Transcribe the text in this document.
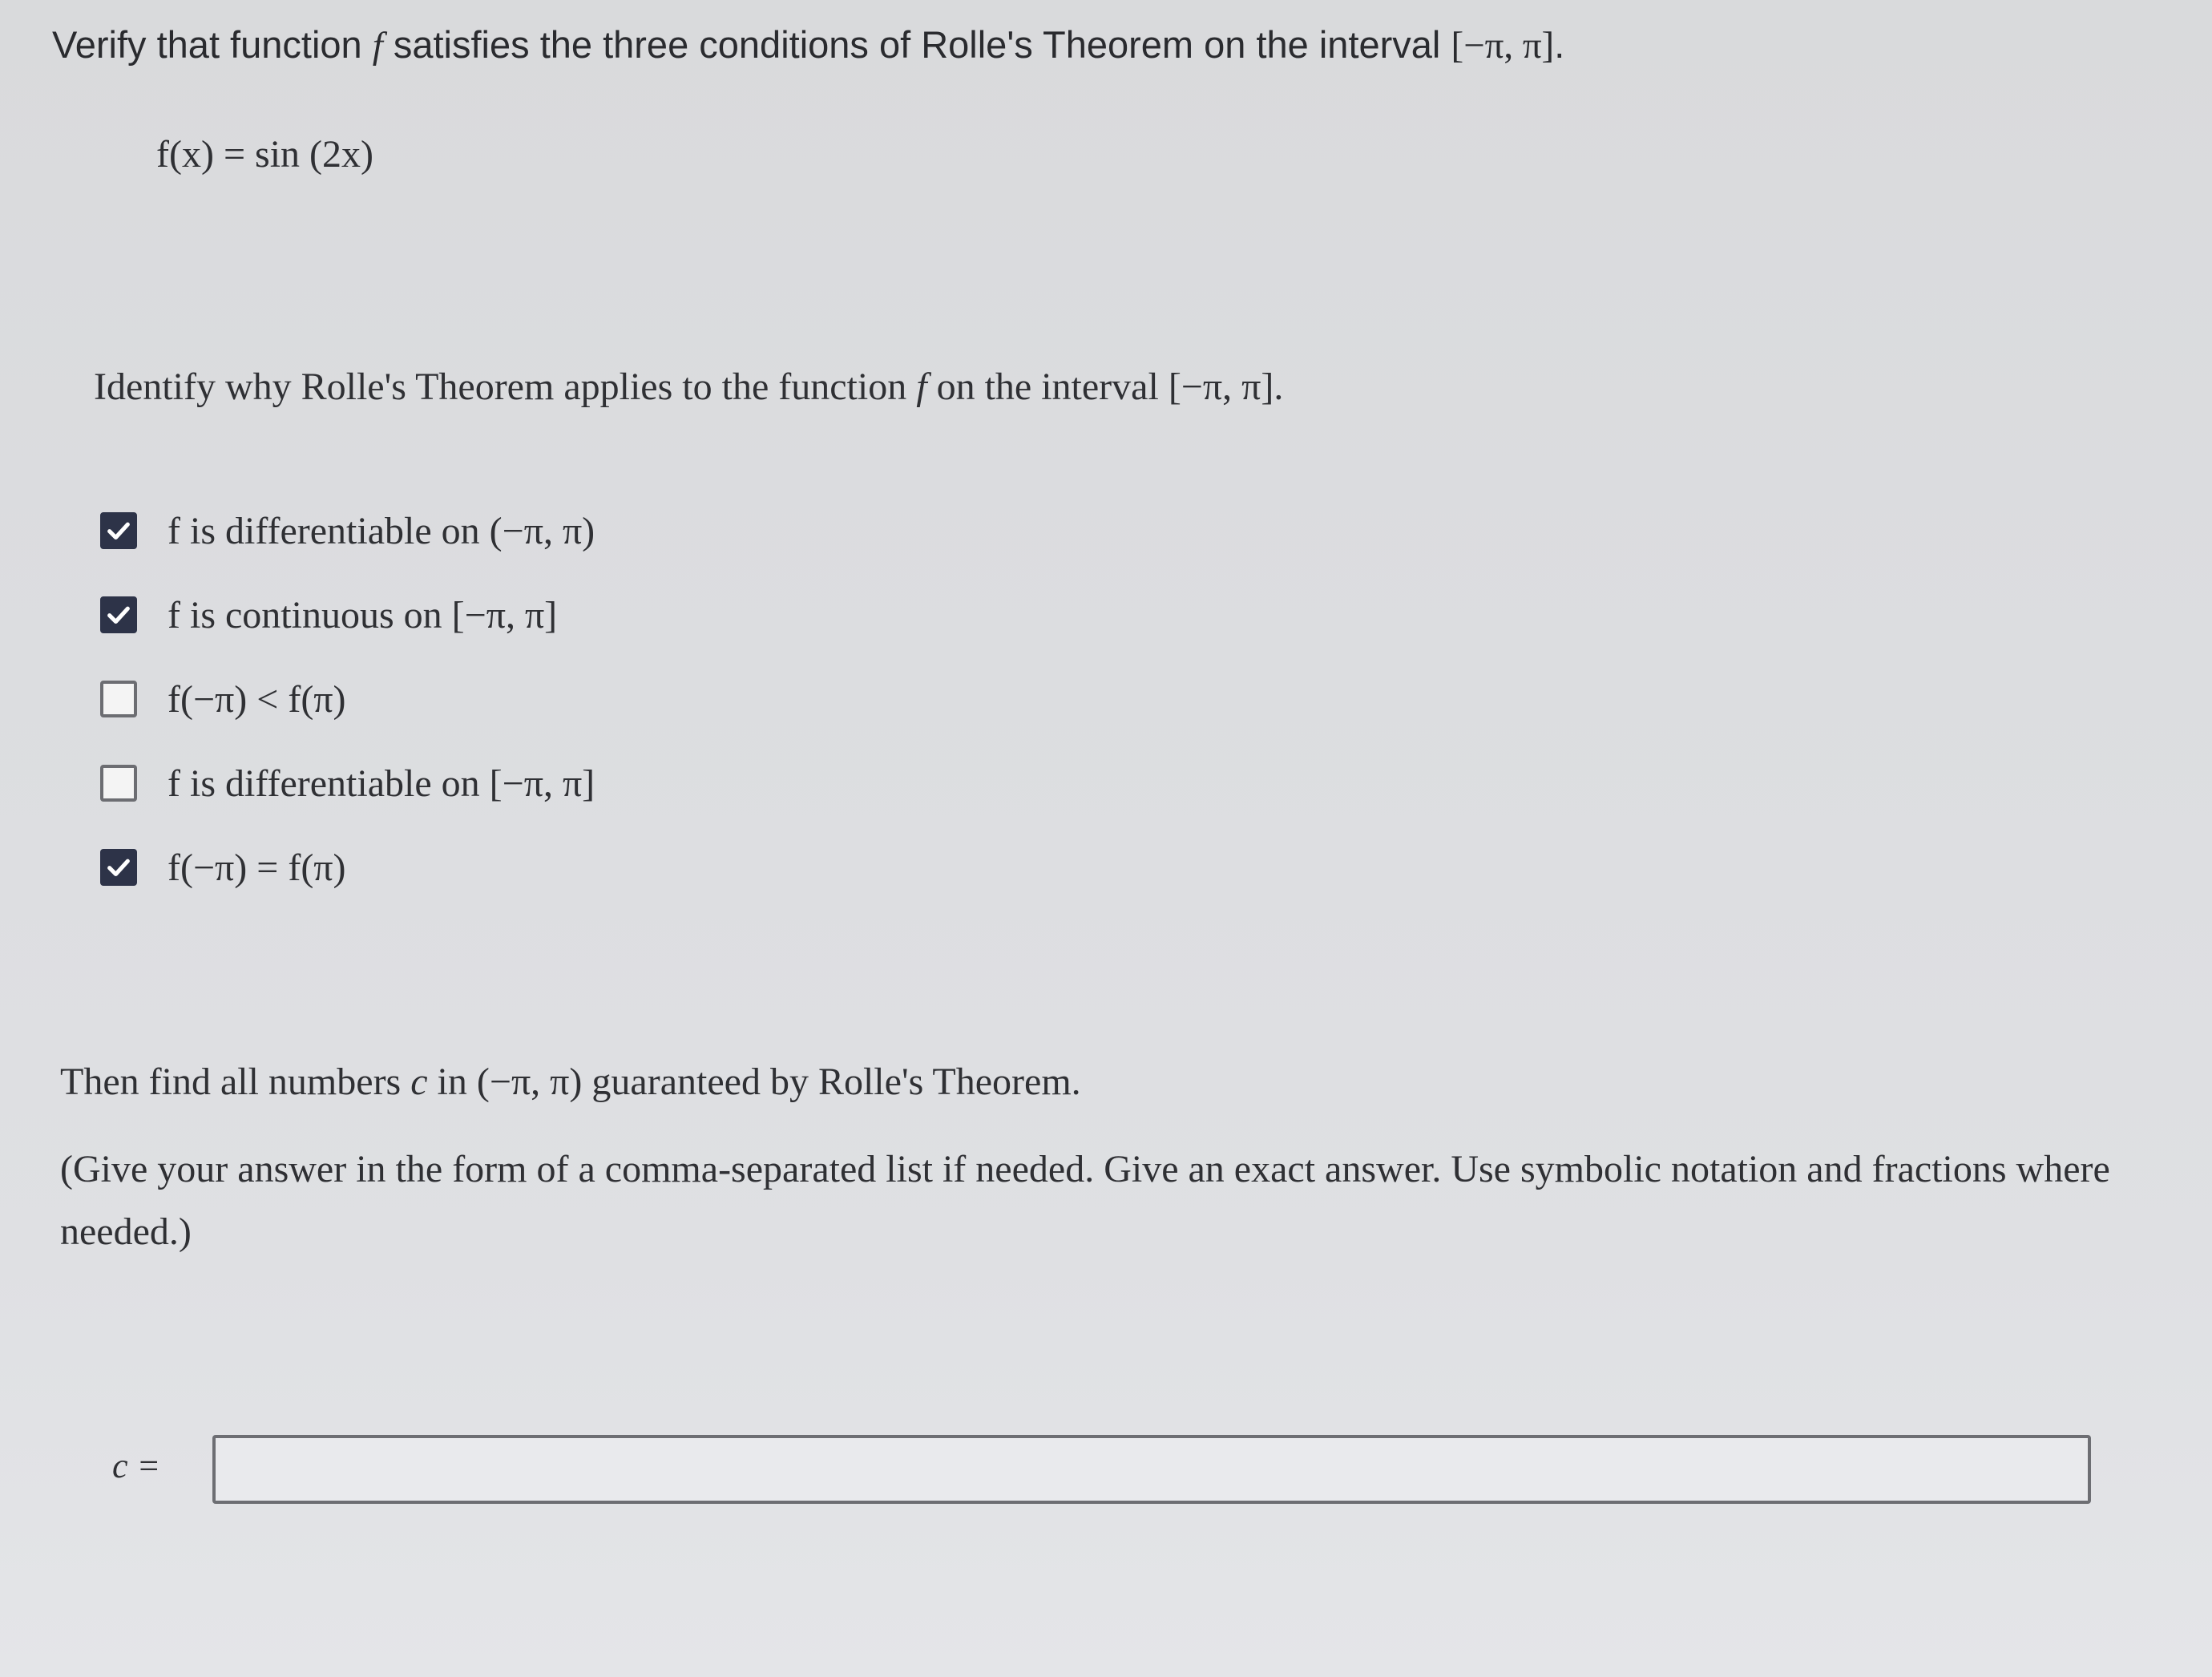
Verify that function f satisfies the three conditions of Rolle's Theorem on the interval [−π, π].
f(x) = sin (2x)
Identify why Rolle's Theorem applies to the function f on the interval [−π, π].
f is differentiable on (−π, π)
f is continuous on [−π, π]
f(−π) < f(π)
f is differentiable on [−π, π]
f(−π) = f(π)
Then find all numbers c in (−π, π) guaranteed by Rolle's Theorem.
(Give your answer in the form of a comma-separated list if needed. Give an exact answer. Use symbolic notation and fractions where needed.)
c =
